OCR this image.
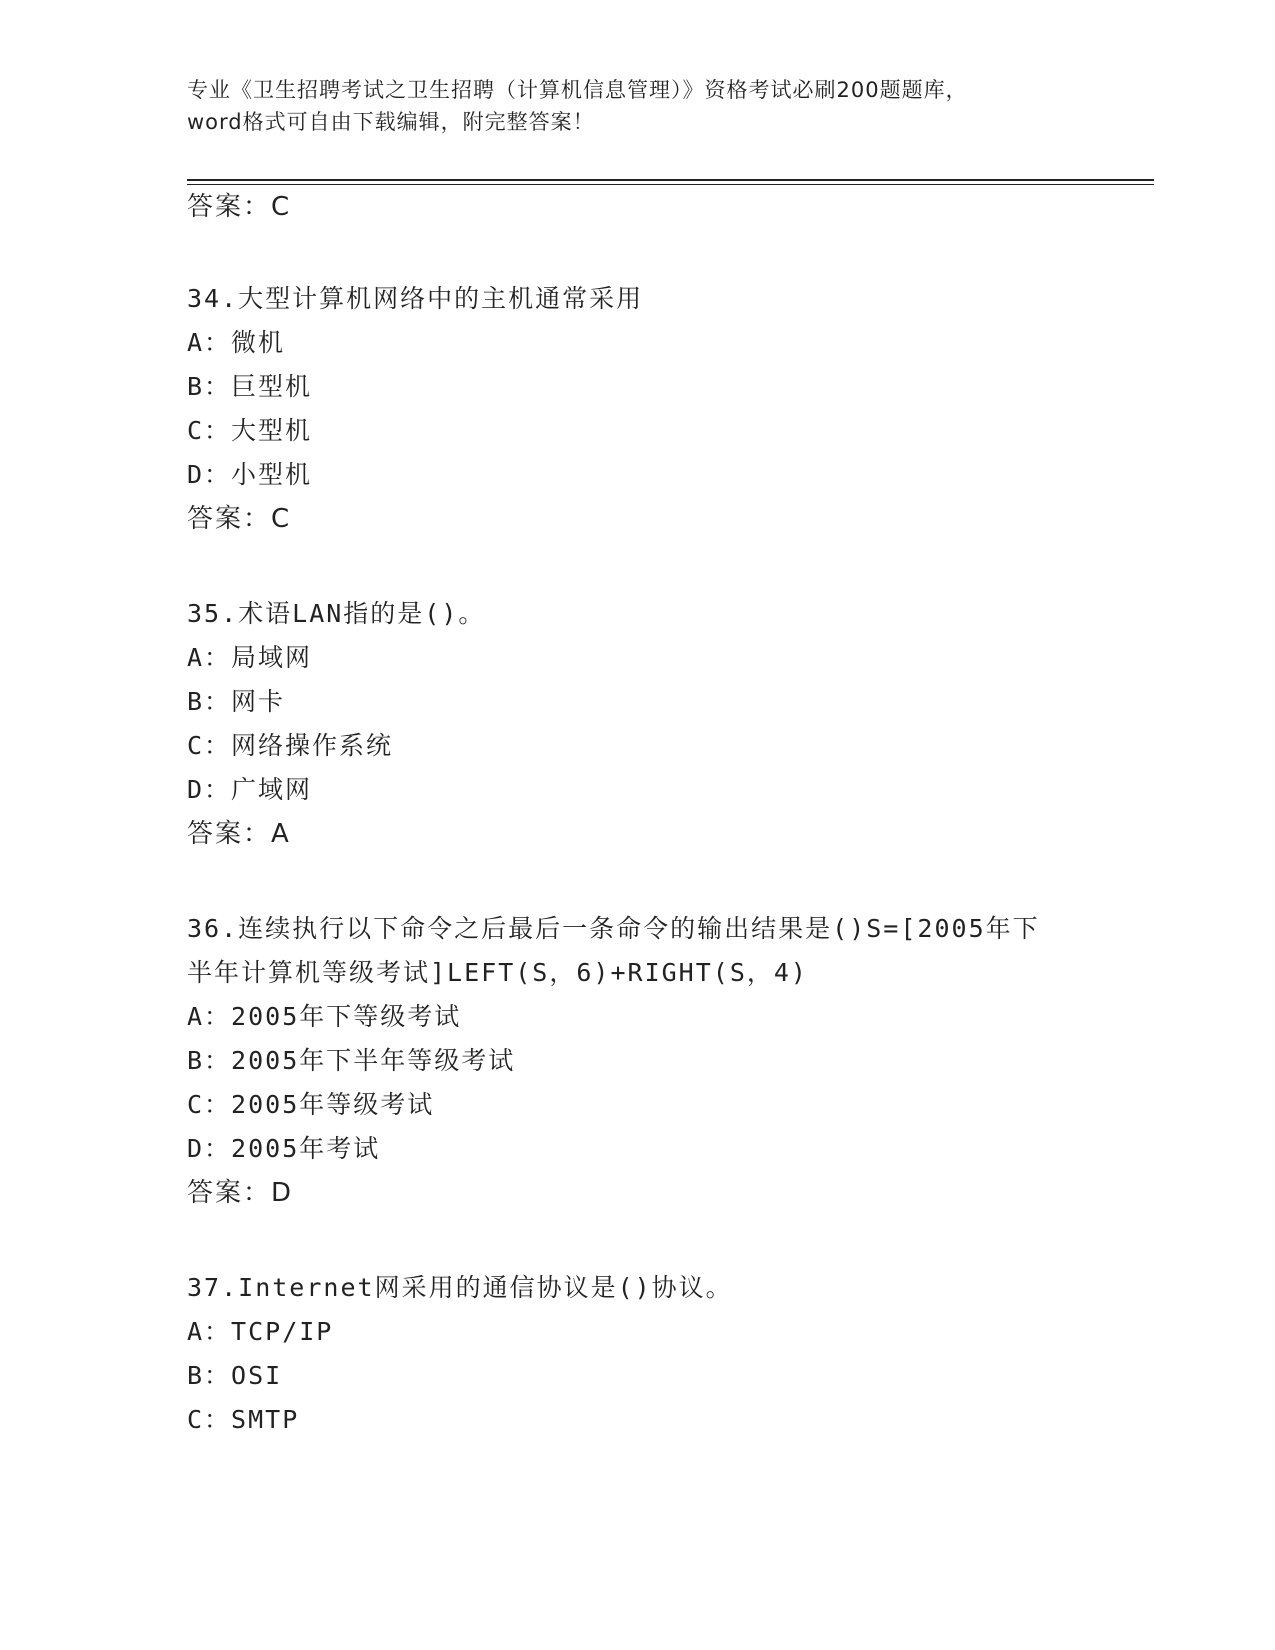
专业《卫生招聘考试之卫生招聘（计算机信息管理）》资格考试必刷200题题库，
word格式可自由下载编辑，附完整答案！
答案：C
34.大型计算机网络中的主机通常采用
A：微机
B：巨型机
C：大型机
D：小型机
答案：C
35.术语LAN指的是()。
A：局域网
B：网卡
C：网络操作系统
D：广域网
答案：A
36.连续执行以下命令之后最后一条命令的输出结果是()S=[2005年下
半年计算机等级考试]LEFT(S，6)+RIGHT(S，4)
A：2005年下等级考试
B：2005年下半年等级考试
C：2005年等级考试
D：2005年考试
答案：D
37.Internet网采用的通信协议是()协议。
A：TCP/IP
B：OSI
C：SMTP
